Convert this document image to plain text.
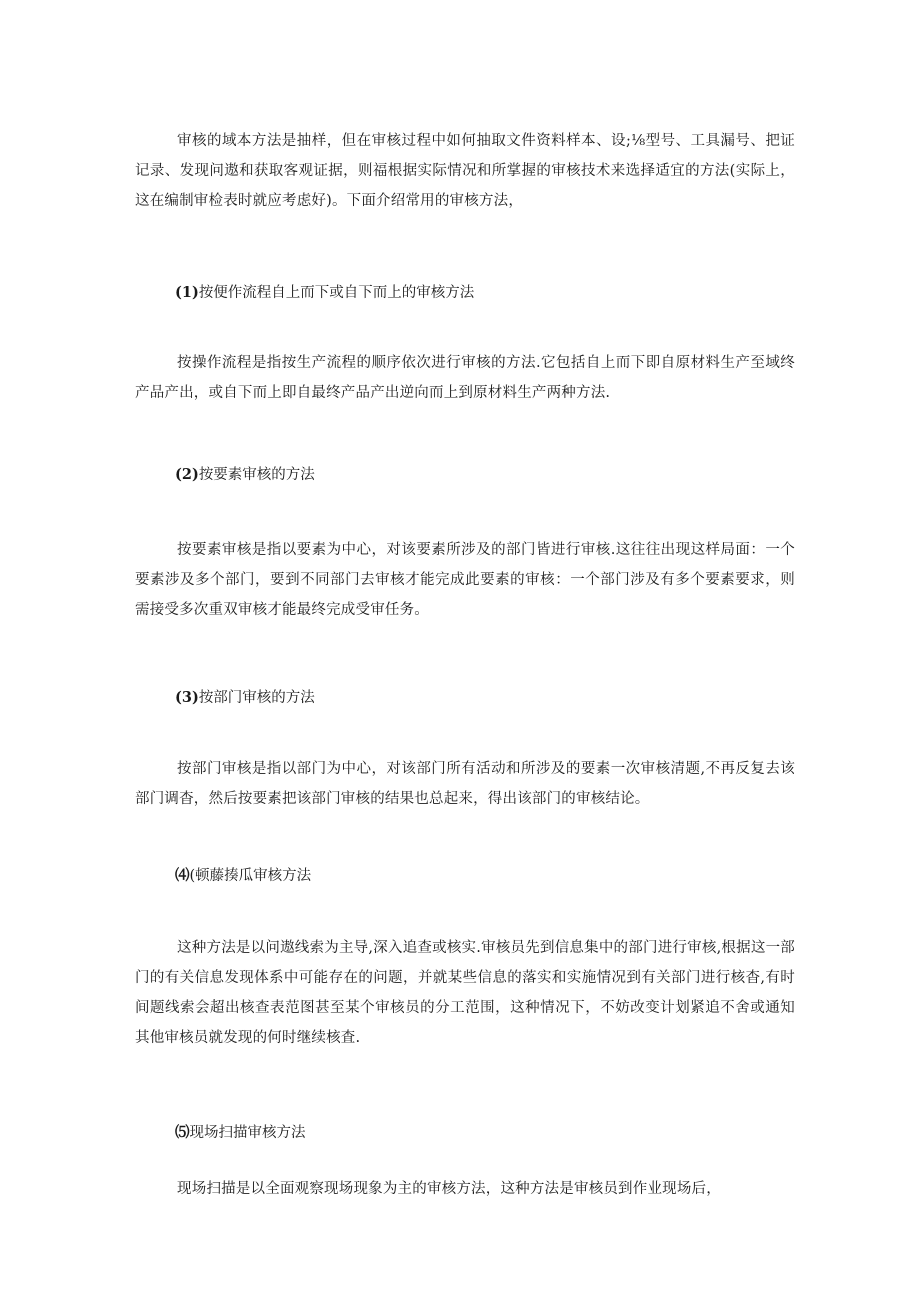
审核的域本方法是抽样，但在审核过程中如何抽取文件资料样本、设;⅛型号、工具漏号、把证记录、发现问遨和获取客观证据，则福根据实际情况和所掌握的审核技术来选择适宜的方法(实际上，这在编制审检表时就应考虑好)。下面介绍常用的审核方法，

(1)按便作流程自上而下或自下而上的审核方法

按操作流程是指按生产流程的顺序依次进行审核的方法.它包括自上而下即自原材料生产至域终产品产出，或自下而上即自最终产品产出逆向而上到原材料生产两种方法.

(2)按要素审核的方法

按要素审核是指以要素为中心，对该要素所涉及的部门皆进行审核.这往往出现这样局面：一个要素涉及多个部门，要到不同部门去审核才能完成此要素的审核：一个部门涉及有多个要素要求，则需接受多次重双审核才能最终完成受审任务。

(3)按部门审核的方法

按部门审核是指以部门为中心，对该部门所有活动和所涉及的要素一次审核清题,不再反复去该部门调杳，然后按要素把该部门审核的结果也总起来，得出该部门的审核结论。

⑷(顿藤揍瓜审核方法

这种方法是以问遨线索为主导,深入追查或核实.审核员先到信息集中的部门进行审核,根据这一部门的有关信息发现体系中可能存在的问题，并就某些信息的落实和实施情况到有关部门进行核杳,有时间题线索会超出核查表范图甚至某个审核员的分工范围，这种情况下，不妨改变计划紧追不舍或通知其他审核员就发现的何时继续核査.

⑸现场扫描审核方法

现场扫描是以全面观察现场现象为主的审核方法，这种方法是审核员到作业现场后，
